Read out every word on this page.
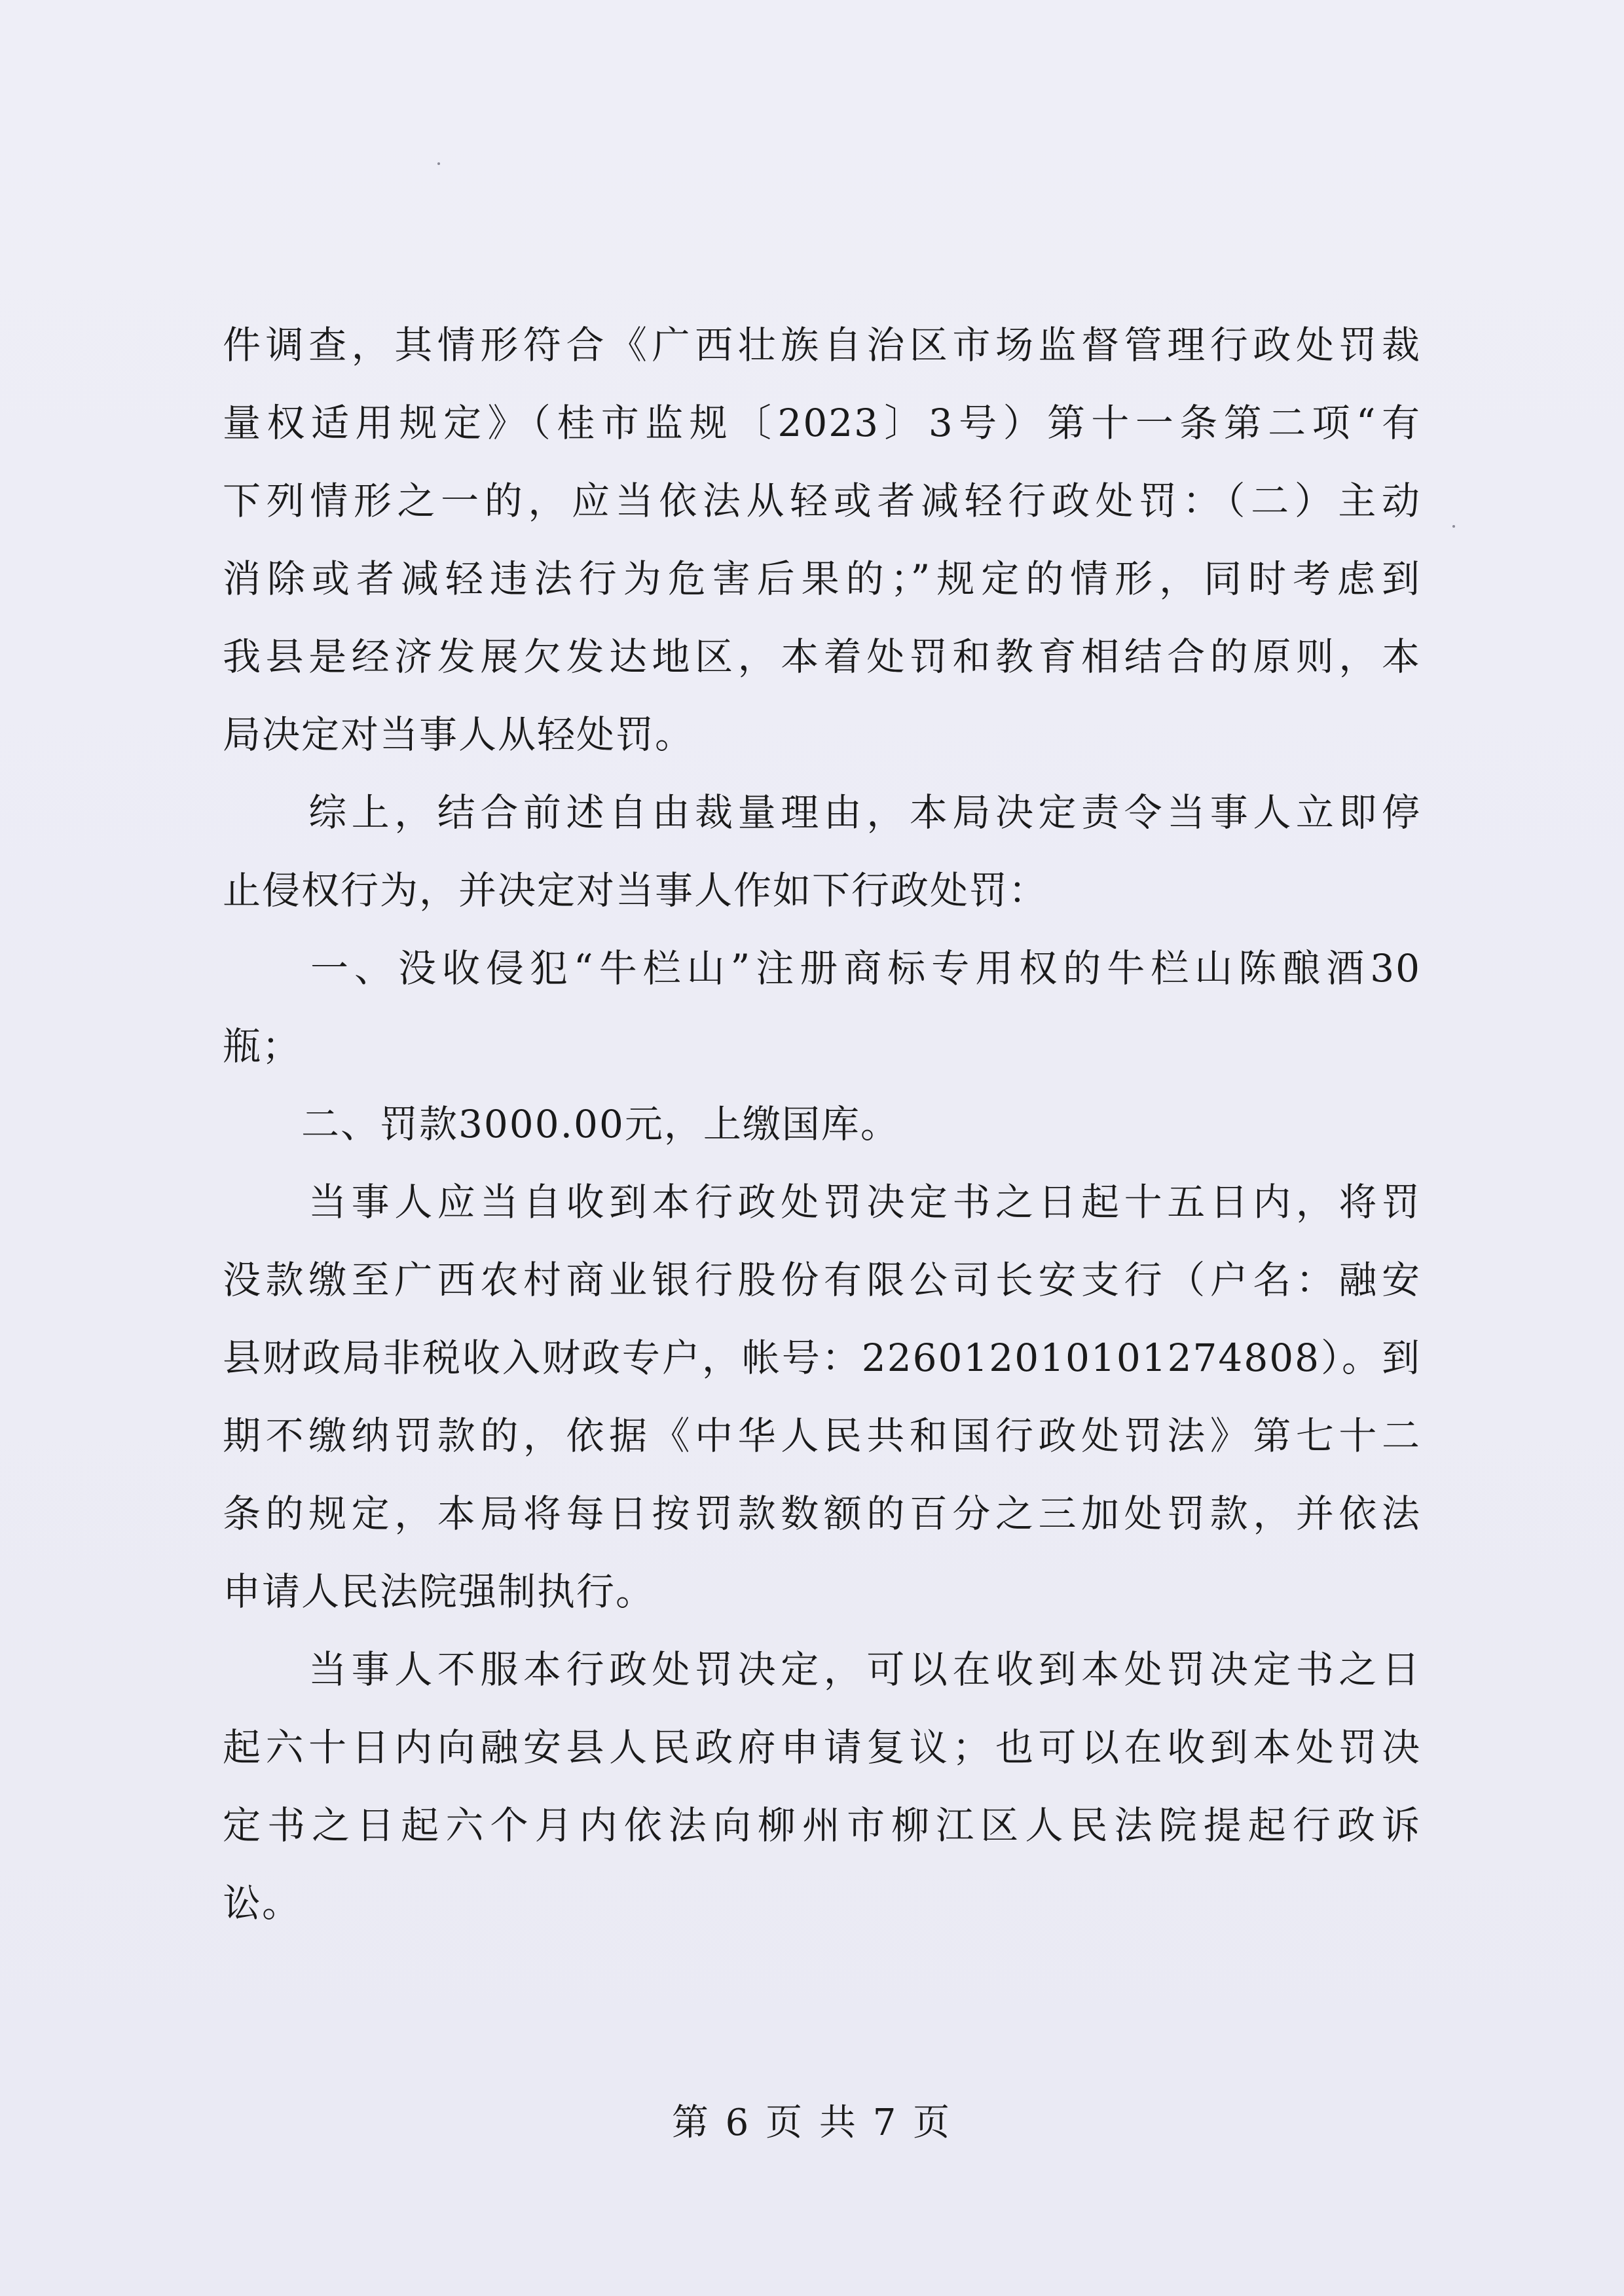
件调查，其情形符合《广西壮族自治区市场监督管理行政处罚裁
量权适用规定》（桂市监规〔2023〕3号）第十一条第二项“有
下列情形之一的，应当依法从轻或者减轻行政处罚：（二）主动
消除或者减轻违法行为危害后果的；”规定的情形，同时考虑到
我县是经济发展欠发达地区，本着处罚和教育相结合的原则，本
局决定对当事人从轻处罚。
　　综上，结合前述自由裁量理由，本局决定责令当事人立即停
止侵权行为，并决定对当事人作如下行政处罚：
　　一、没收侵犯“牛栏山”注册商标专用权的牛栏山陈酿酒30
瓶；
　　二、罚款3000.00元，上缴国库。
　　当事人应当自收到本行政处罚决定书之日起十五日内，将罚
没款缴至广西农村商业银行股份有限公司长安支行（户名：融安
县财政局非税收入财政专户，帐号：226012010101274808）。到
期不缴纳罚款的，依据《中华人民共和国行政处罚法》第七十二
条的规定，本局将每日按罚款数额的百分之三加处罚款，并依法
申请人民法院强制执行。
　　当事人不服本行政处罚决定，可以在收到本处罚决定书之日
起六十日内向融安县人民政府申请复议；也可以在收到本处罚决
定书之日起六个月内依法向柳州市柳江区人民法院提起行政诉
讼。
第 6 页 共 7 页
